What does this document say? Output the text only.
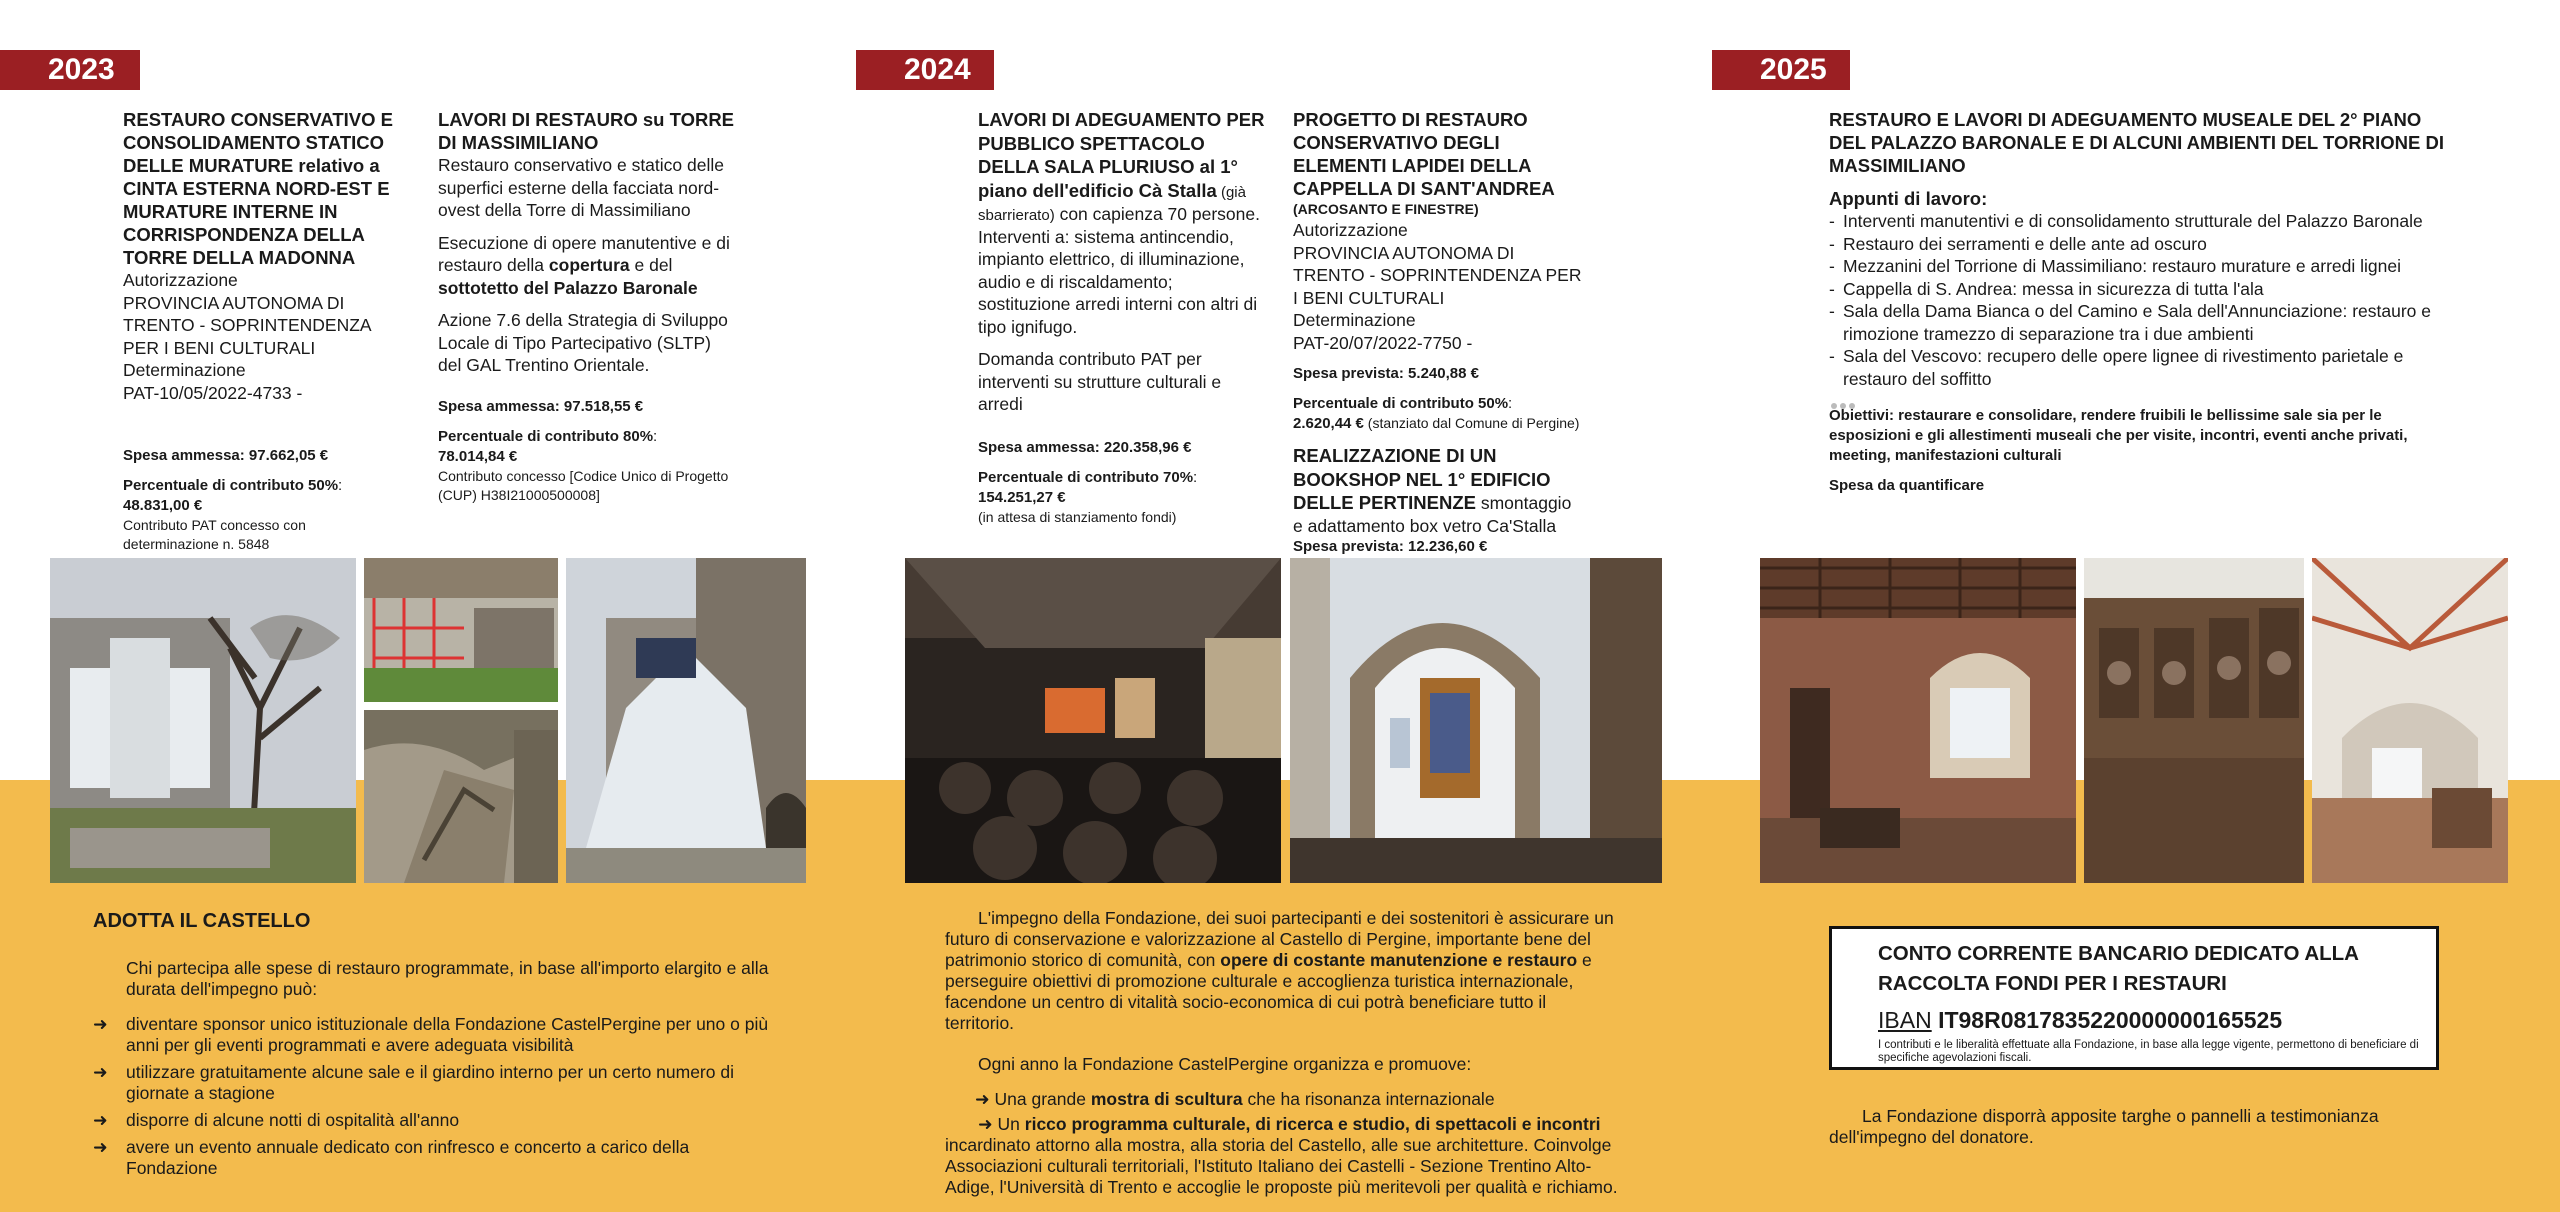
2023	2024	2025

RESTAURO CONSERVATIVO E CONSOLIDAMENTO STATICO DELLE MURATURE relativo a CINTA ESTERNA NORD-EST E MURATURE INTERNE IN CORRISPONDENZA DELLA TORRE DELLA MADONNA

Autorizzazione

PROVINCIA AUTONOMA DI TRENTO - SOPRINTENDENZA PER I BENI CULTURALI

Determinazione

PAT-10/05/2022-4733 -

Spesa ammessa: 97.662,05 €

Percentuale di contributo 50%:

48.831,00 €

Contributo PAT concesso con determinazione n. 5848

LAVORI DI RESTAURO su TORRE DI MASSIMILIANO

Restauro conservativo e statico delle superfici esterne della facciata nord-ovest della Torre di Massimiliano

Esecuzione di opere manutentive e di restauro della copertura e del sottotetto del Palazzo Baronale

Azione 7.6 della Strategia di Sviluppo Locale di Tipo Partecipativo (SLTP) del GAL Trentino Orientale.

Spesa ammessa: 97.518,55 €

Percentuale di contributo 80%:

78.014,84 €

Contributo concesso [Codice Unico di Progetto (CUP) H38I21000500008]

LAVORI DI ADEGUAMENTO PER PUBBLICO SPETTACOLO DELLA SALA PLURIUSO al 1° piano dell'edificio Cà Stalla (già sbarrierato) con capienza 70 persone. Interventi a: sistema antincendio, impianto elettrico, di illuminazione, audio e di riscaldamento; sostituzione arredi interni con altri di tipo ignifugo.

Domanda contributo PAT per interventi su strutture culturali e arredi

Spesa ammessa: 220.358,96 €

Percentuale di contributo 70%:

154.251,27 €

(in attesa di stanziamento fondi)

PROGETTO DI RESTAURO CONSERVATIVO DEGLI ELEMENTI LAPIDEI DELLA CAPPELLA DI SANT'ANDREA

(ARCOSANTO E FINESTRE)

Autorizzazione

PROVINCIA AUTONOMA DI TRENTO - SOPRINTENDENZA PER I BENI CULTURALI

Determinazione

PAT-20/07/2022-7750 -

Spesa prevista: 5.240,88 €

Percentuale di contributo 50%:

2.620,44 € (stanziato dal Comune di Pergine)

REALIZZAZIONE DI UN BOOKSHOP NEL 1° EDIFICIO DELLE PERTINENZE smontaggio e adattamento box vetro Ca'Stalla

Spesa prevista: 12.236,60 €

RESTAURO E LAVORI DI ADEGUAMENTO MUSEALE DEL 2° PIANO DEL PALAZZO BARONALE E DI ALCUNI AMBIENTI DEL TORRIONE DI MASSIMILIANO

Appunti di lavoro:

- Interventi manutentivi e di consolidamento strutturale del Palazzo Baronale

- Restauro dei serramenti e delle ante ad oscuro

- Mezzanini del Torrione di Massimiliano: restauro murature e arredi lignei

- Cappella di S. Andrea: messa in sicurezza di tutta l'ala

- Sala della Dama Bianca o del Camino e Sala dell'Annunciazione: restauro e rimozione tramezzo di separazione tra i due ambienti

- Sala del Vescovo: recupero delle opere lignee di rivestimento parietale e restauro del soffitto

Obiettivi: restaurare e consolidare, rendere fruibili le bellissime sale sia per le esposizioni e gli allestimenti museali che per visite, incontri, eventi anche privati, meeting, manifestazioni culturali

Spesa da quantificare

ADOTTA IL CASTELLO

Chi partecipa alle spese di restauro programmate, in base all'importo elargito e alla durata dell'impegno può:

➜ diventare sponsor unico istituzionale della Fondazione CastelPergine per uno o più anni per gli eventi programmati e avere adeguata visibilità
➜ utilizzare gratuitamente alcune sale e il giardino interno per un certo numero di giornate a stagione
➜ disporre di alcune notti di ospitalità all'anno
➜ avere un evento annuale dedicato con rinfresco e concerto a carico della Fondazione

L'impegno della Fondazione, dei suoi partecipanti e dei sostenitori è assicurare un futuro di conservazione e valorizzazione al Castello di Pergine, importante bene del patrimonio storico di comunità, con opere di costante manutenzione e restauro e perseguire obiettivi di promozione culturale e accoglienza turistica internazionale, facendone un centro di vitalità socio-economica di cui potrà beneficiare tutto il territorio.

Ogni anno la Fondazione CastelPergine organizza e promuove:

➜ Una grande mostra di scultura che ha risonanza internazionale

➜ Un ricco programma culturale, di ricerca e studio, di spettacoli e incontri incardinato attorno alla mostra, alla storia del Castello, alle sue architetture. Coinvolge Associazioni culturali territoriali, l'Istituto Italiano dei Castelli - Sezione Trentino Alto-Adige, l'Università di Trento e accoglie le proposte più meritevoli per qualità e richiamo.

CONTO CORRENTE BANCARIO DEDICATO ALLA
RACCOLTA FONDI PER I RESTAURI
IBAN IT98R0817835220000000165525
I contributi e le liberalità effettuate alla Fondazione, in base alla legge vigente, permettono di beneficiare di specifiche agevolazioni fiscali.
La Fondazione disporrà apposite targhe o pannelli a testimonianza dell'impegno del donatore.
